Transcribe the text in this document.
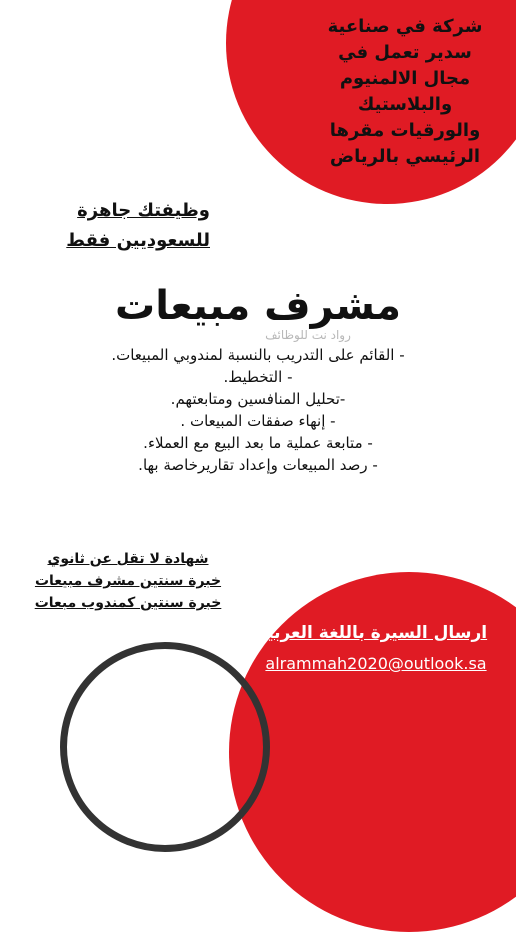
شركة في صناعية
سدير تعمل في
مجال الالمنيوم
والبلاستيك
والورقيات مقرها
الرئيسي بالرياض
وظيفتك جاهزة
للسعوديين فقط
مشرف مبيعات
رواد نت للوظائف
- القائم على التدريب بالنسبة لمندوبي المبيعات.
- التخطيط.
-تحليل المنافسين ومتابعتهم.
- إنهاء صفقات المبيعات .
- متابعة عملية ما بعد البيع مع العملاء.
- رصد المبيعات وإعداد تقاريرخاصة بها.
شهادة لا تقل عن ثانوي
خبرة سنتين مشرف مبيعات
خبرة سنتين كمندوب مبعات
ارسال السيرة باللغة العربية
alrammah2020@outlook.sa
